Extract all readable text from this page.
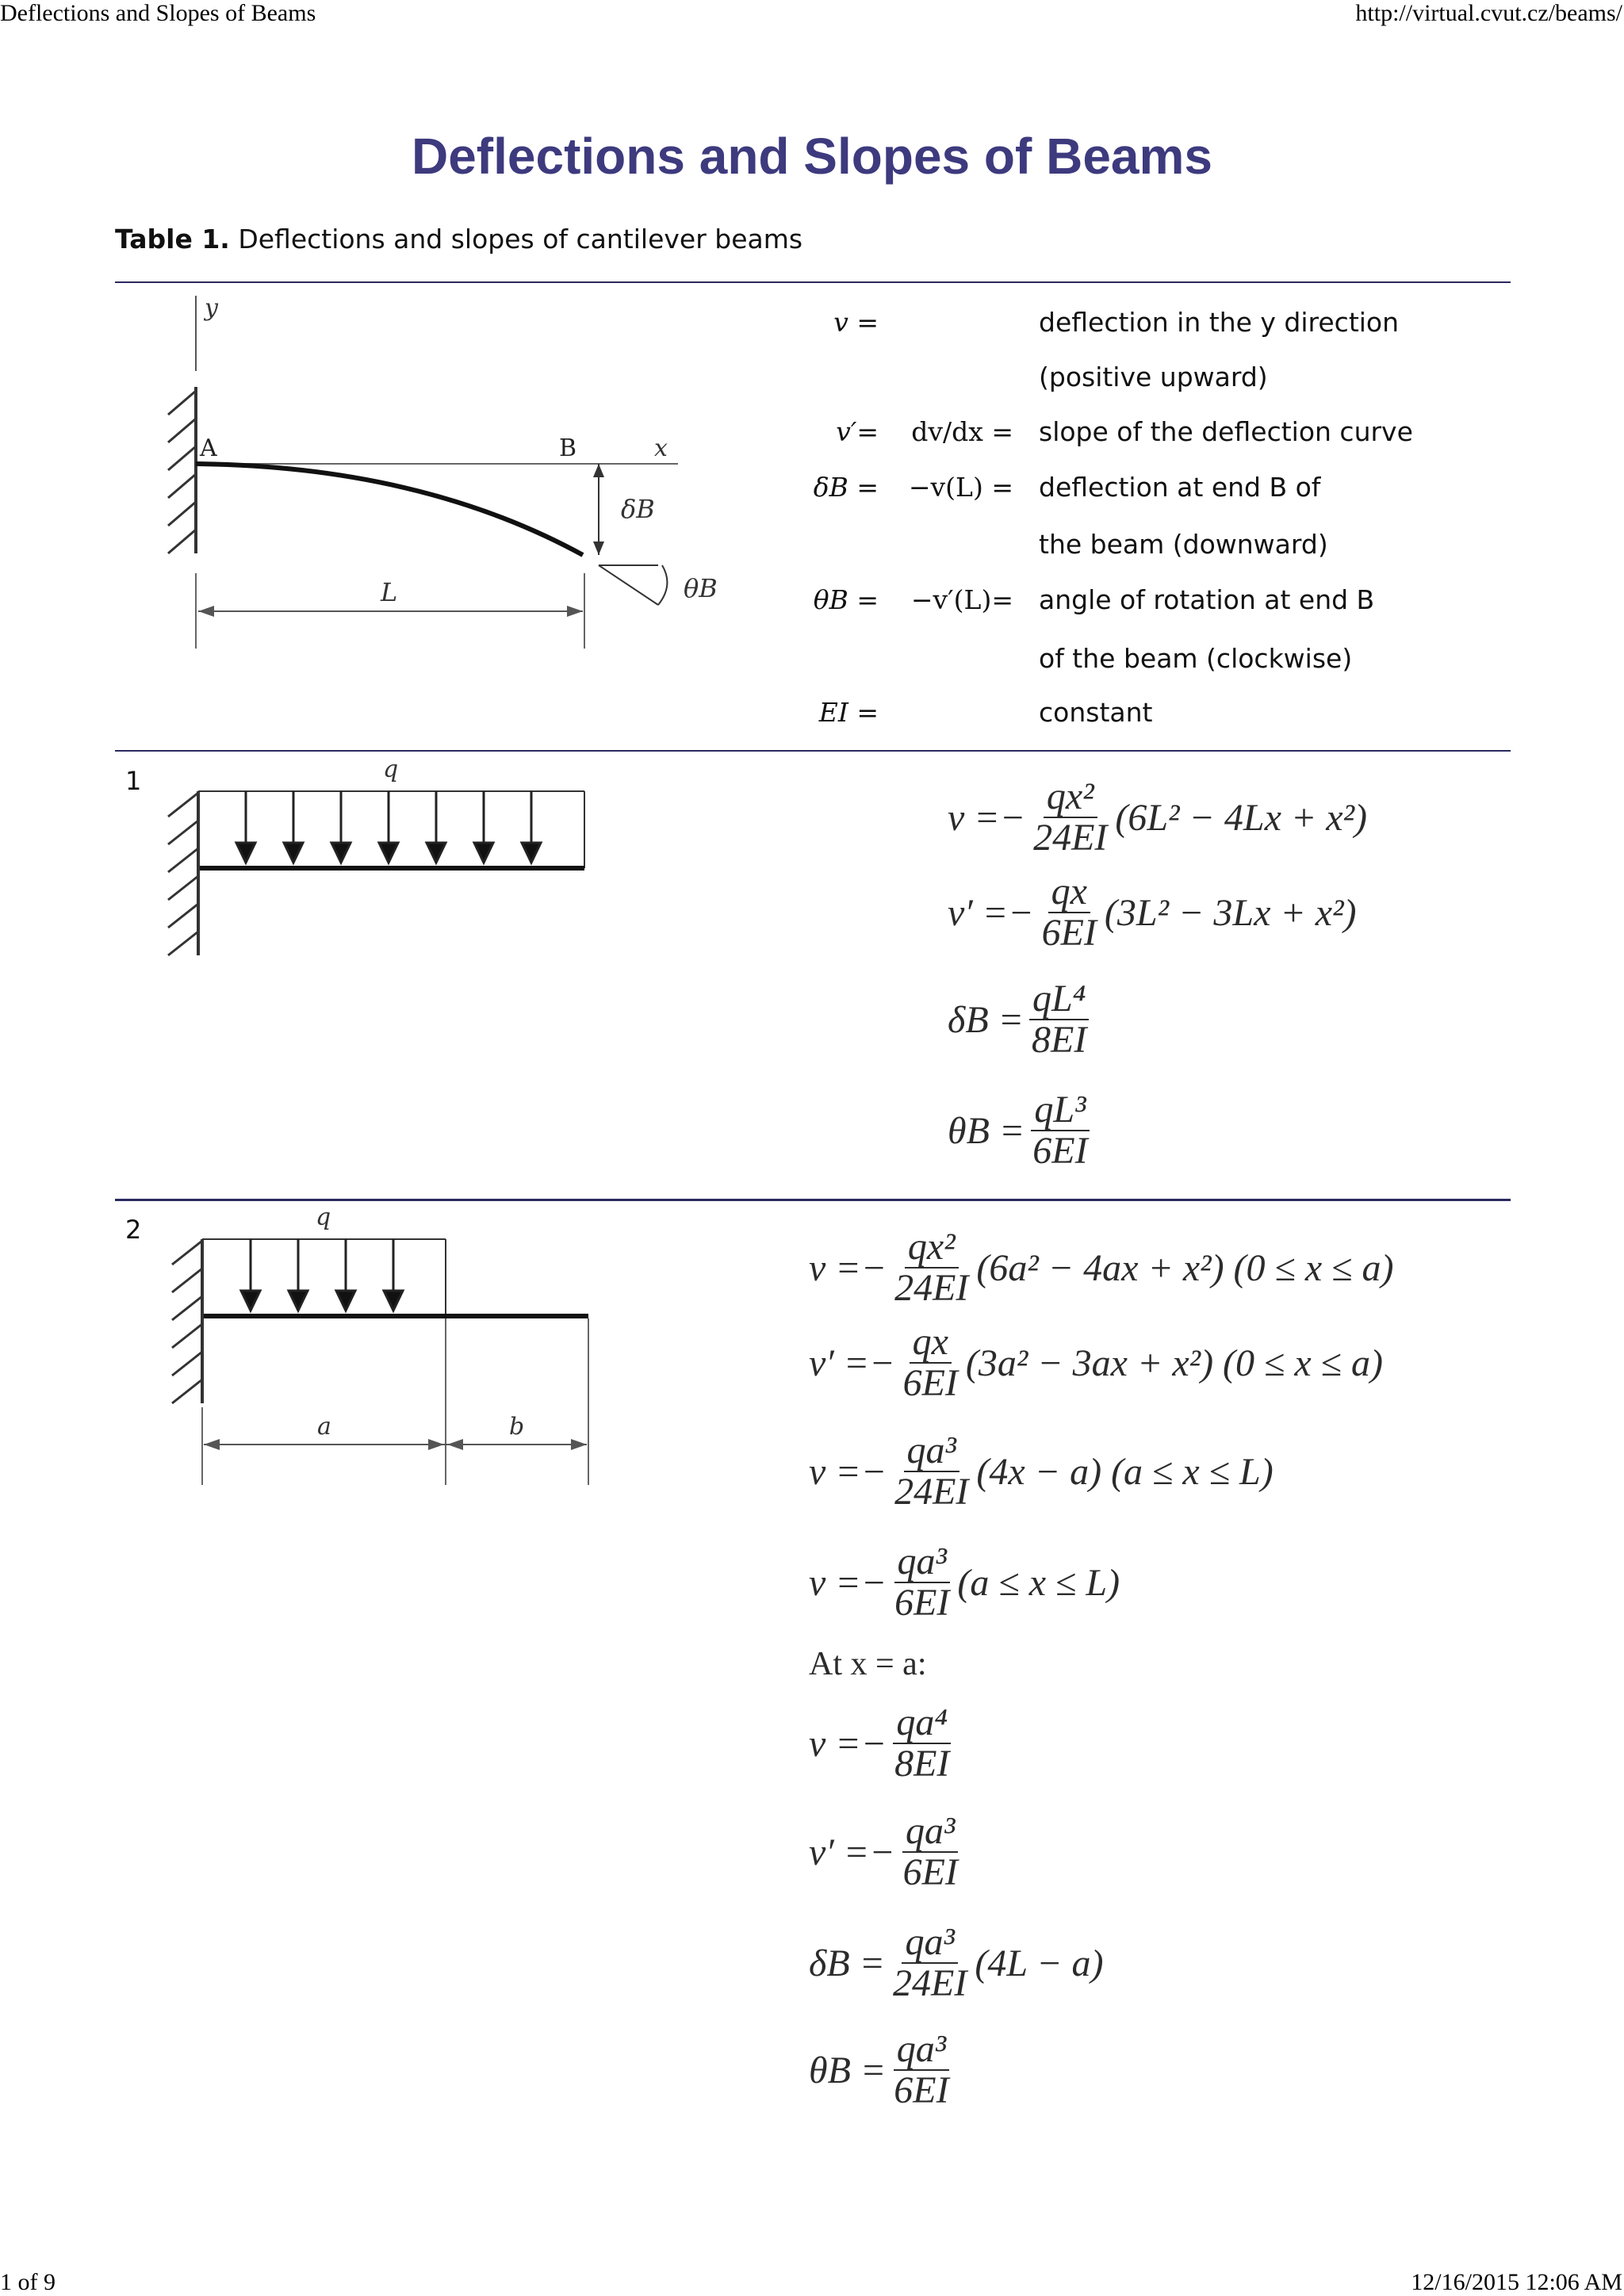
Deflections and Slopes of Beams	http://virtual.cvut.cz/beams/
Deflections and Slopes of Beams
Table 1. Deflections and slopes of cantilever beams
y
A	B	x
δB
θB
L
v =	deflection in the y direction
(positive upward)
v′=	dv/dx = slope of the deflection curve
δB =	−v(L) = deflection at end B of
the beam (downward)
θB =	−v′(L)= angle of rotation at end B
of the beam (clockwise)
EI =	constant
1	q
$v =- \frac{\text{qx²}}{24EI} (6L^2 - 4Lx + x^2)$
$v' =- \frac{qx}{6EI} (3L^2 - 3Lx + x^2)$
$\delta B = \frac{\text{qL⁴}}{8EI}$
$\theta B = \frac{\text{qL³}}{6EI}$
2	q
a	b
$v =- \frac{\text{qx²}}{24EI} (6a^2 - 4ax + x^2) (0 \le x \le a)$
$v' =- \frac{qx}{6EI} (3a^2 - 3ax + x^2) (0 \le x \le a)$
$v =- \frac{\text{qa³}}{24EI} (4x - a) (a \le x \le L)$
$v =- \frac{\text{qa³}}{6EI} (a \le x \le L)$
At x = a:
$v =- \frac{\text{qa⁴}}{8EI}$
$v' =- \frac{\text{qa³}}{6EI}$
$\delta B = \frac{\text{qa³}}{24EI} (4L - a)$
$\theta B = \frac{\text{qa³}}{6EI}$
1 of 9	12/16/2015 12:06 AM
